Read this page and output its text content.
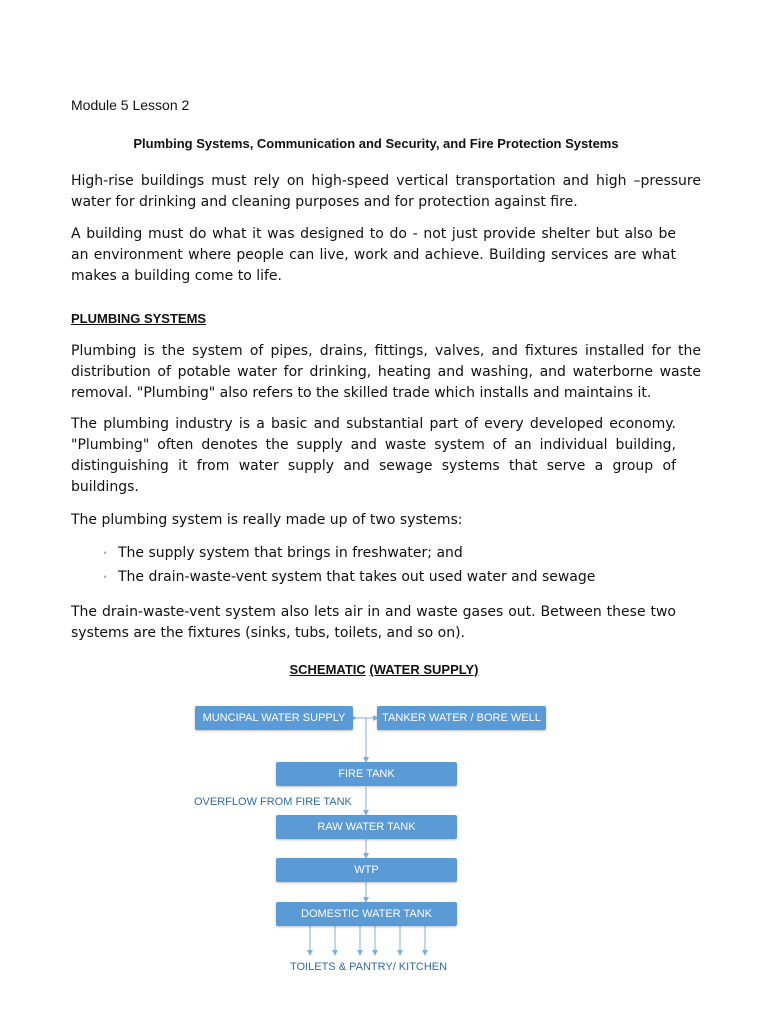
Module 5 Lesson 2
Plumbing Systems, Communication and Security, and Fire Protection Systems
High-rise buildings must rely on high-speed vertical transportation and high –pressure water for drinking and cleaning purposes and for protection against fire.
A building must do what it was designed to do - not just provide shelter but also be an environment where people can live, work and achieve. Building services are what makes a building come to life.
PLUMBING SYSTEMS
Plumbing is the system of pipes, drains, fittings, valves, and fixtures installed for the distribution of potable water for drinking, heating and washing, and waterborne waste removal. "Plumbing" also refers to the skilled trade which installs and maintains it.
The plumbing industry is a basic and substantial part of every developed economy. "Plumbing" often denotes the supply and waste system of an individual building, distinguishing it from water supply and sewage systems that serve a group of buildings.
The plumbing system is really made up of two systems:
∘ The supply system that brings in freshwater; and
∘ The drain-waste-vent system that takes out used water and sewage
The drain-waste-vent system also lets air in and waste gases out. Between these two systems are the fixtures (sinks, tubs, toilets, and so on).
SCHEMATIC (WATER SUPPLY)
MUNCIPAL WATER SUPPLY	TANKER WATER / BORE WELL
FIRE TANK
OVERFLOW FROM FIRE TANK
RAW WATER TANK
WTP
DOMESTIC WATER TANK
TOILETS & PANTRY/ KITCHEN
